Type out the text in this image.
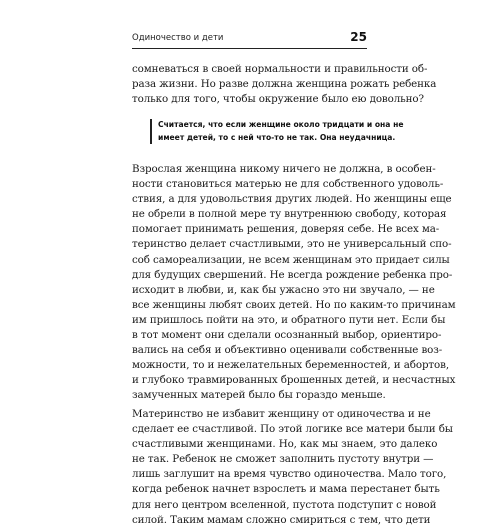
Одиночество и дети	25
сомневаться в своей нормальности и правильности об-
раза жизни. Но разве должна женщина рожать ребенка
только для того, чтобы окружение было ею довольно?
Считается, что если женщине около тридцати и она не
имеет детей, то с ней что-то не так. Она неудачница.
Взрослая женщина никому ничего не должна, в особен-
ности становиться матерью не для собственного удоволь-
ствия, а для удовольствия других людей. Но женщины еще
не обрели в полной мере ту внутреннюю свободу, которая
помогает принимать решения, доверяя себе. Не всех ма-
теринство делает счастливыми, это не универсальный спо-
соб самореализации, не всем женщинам это придает силы
для будущих свершений. Не всегда рождение ребенка про-
исходит в любви, и, как бы ужасно это ни звучало, — не
все женщины любят своих детей. Но по каким-то причинам
им пришлось пойти на это, и обратного пути нет. Если бы
в тот момент они сделали осознанный выбор, ориентиро-
вались на себя и объективно оценивали собственные воз-
можности, то и нежелательных беременностей, и абортов,
и глубоко травмированных брошенных детей, и несчастных
замученных матерей было бы гораздо меньше.
Материнство не избавит женщину от одиночества и не
сделает ее счастливой. По этой логике все матери были бы
счастливыми женщинами. Но, как мы знаем, это далеко
не так. Ребенок не сможет заполнить пустоту внутри —
лишь заглушит на время чувство одиночества. Мало того,
когда ребенок начнет взрослеть и мама перестанет быть
для него центром вселенной, пустота подступит с новой
силой. Таким мамам сложно смириться с тем, что дети
